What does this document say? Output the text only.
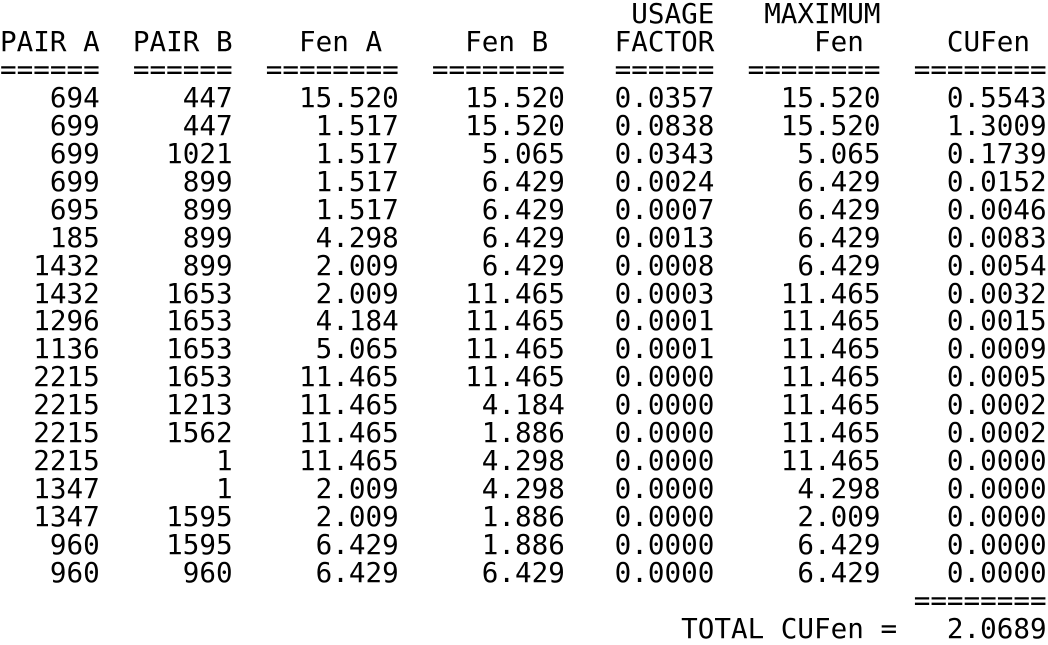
USAGE   MAXIMUM
PAIR A  PAIR B    Fen A     Fen B    FACTOR      Fen     CUFen
======  ======  ========  ========   ======  ========  ========
694     447    15.520    15.520   0.0357    15.520    0.5543
699     447     1.517    15.520   0.0838    15.520    1.3009
699    1021     1.517     5.065   0.0343     5.065    0.1739
699     899     1.517     6.429   0.0024     6.429    0.0152
695     899     1.517     6.429   0.0007     6.429    0.0046
185     899     4.298     6.429   0.0013     6.429    0.0083
1432     899     2.009     6.429   0.0008     6.429    0.0054
1432    1653     2.009    11.465   0.0003    11.465    0.0032
1296    1653     4.184    11.465   0.0001    11.465    0.0015
1136    1653     5.065    11.465   0.0001    11.465    0.0009
2215    1653    11.465    11.465   0.0000    11.465    0.0005
2215    1213    11.465     4.184   0.0000    11.465    0.0002
2215    1562    11.465     1.886   0.0000    11.465    0.0002
2215       1    11.465     4.298   0.0000    11.465    0.0000
1347       1     2.009     4.298   0.0000     4.298    0.0000
1347    1595     2.009     1.886   0.0000     2.009    0.0000
960    1595     6.429     1.886   0.0000     6.429    0.0000
960     960     6.429     6.429   0.0000     6.429    0.0000
========
TOTAL CUFen =   2.0689
